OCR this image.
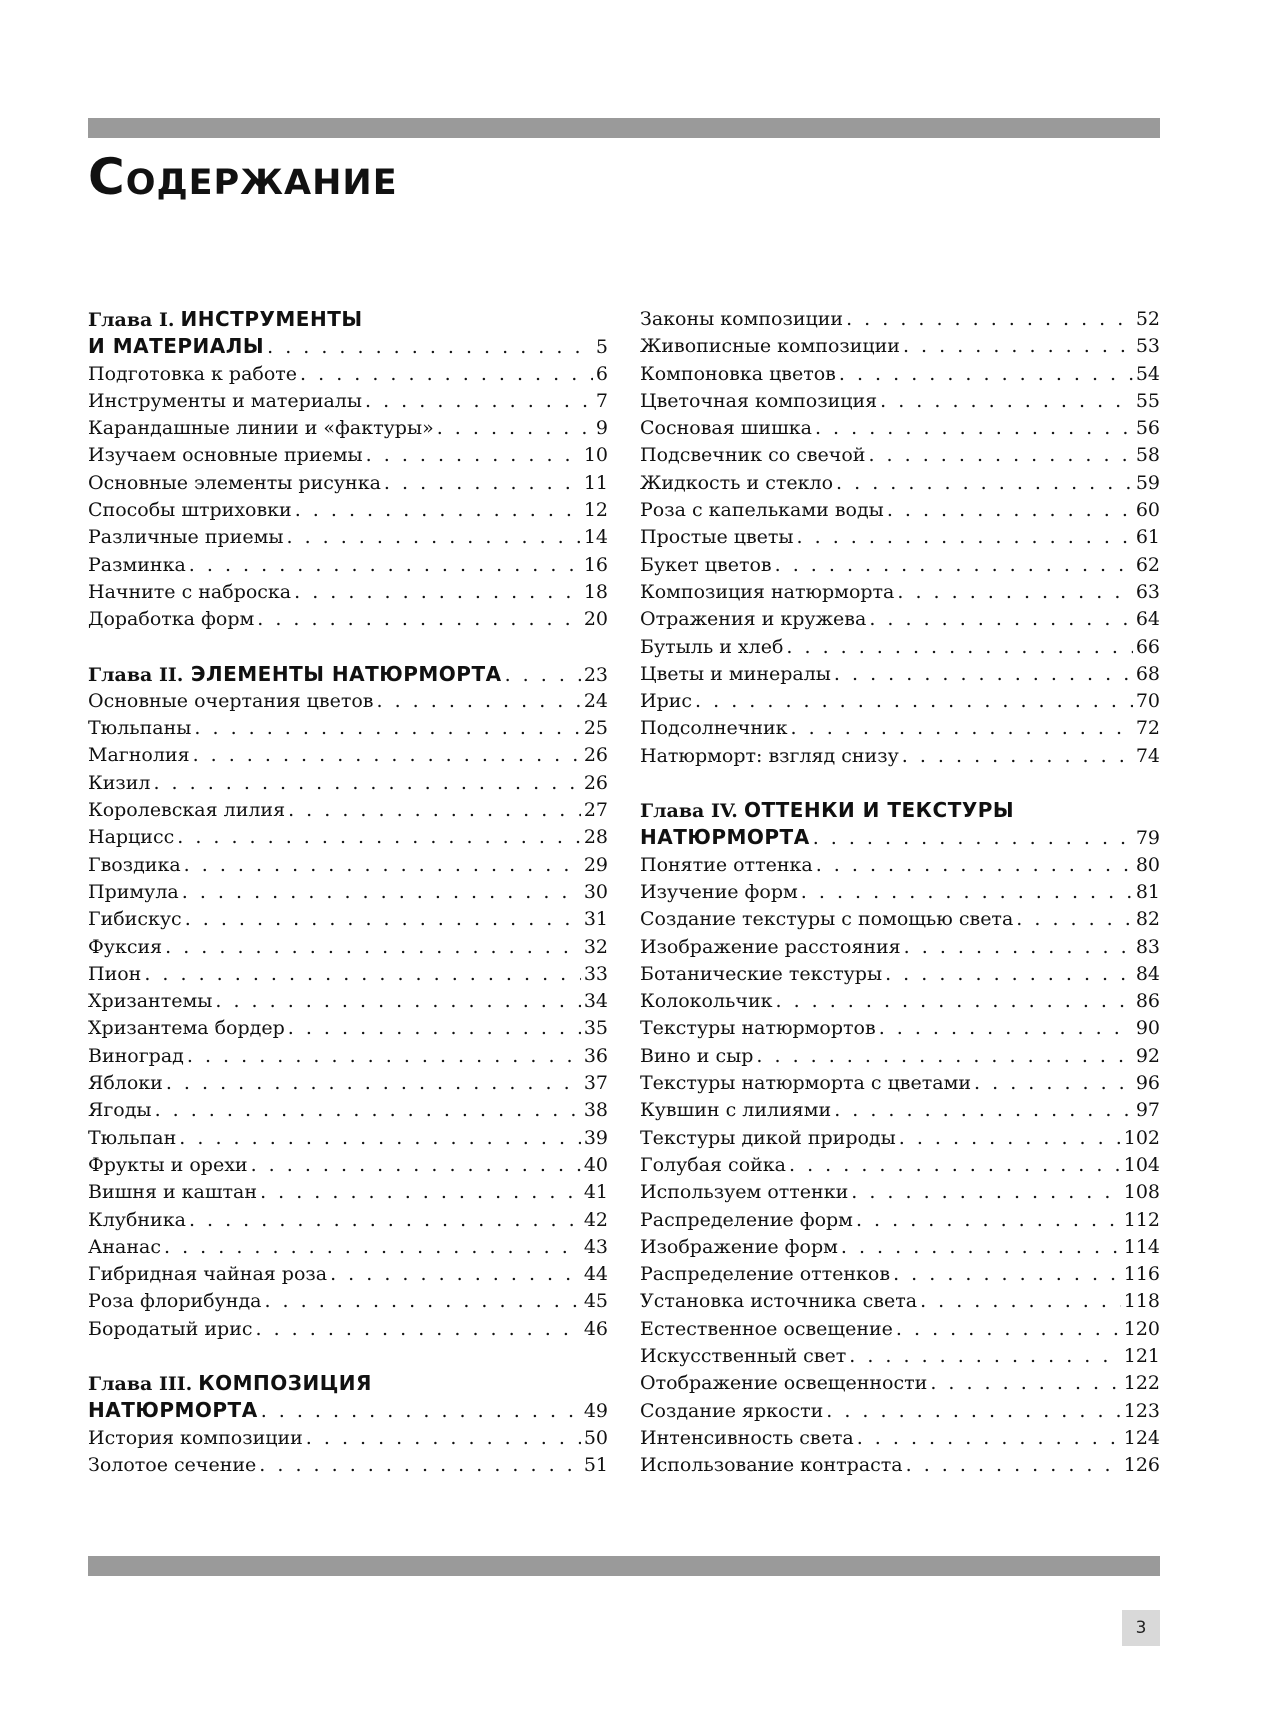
Содержание
Глава I. ИНСТРУМЕНТЫ
И МАТЕРИАЛЫ . . .	5
Подготовка к работе . . .	6
Инструменты и материалы . . .	7
Карандашные линии и «фактуры» . . .	9
Изучаем основные приемы . . .	10
Основные элементы рисунка . . .	11
Способы штриховки . . .	12
Различные приемы . . .	14
Разминка . . .	16
Начните с наброска . . .	18
Доработка форм . . .	20
Глава II. ЭЛЕМЕНТЫ НАТЮРМОРТА . . .	23
Основные очертания цветов . . .	24
Тюльпаны . . .	25
Магнолия . . .	26
Кизил . . .	26
Королевская лилия . . .	27
Нарцисс . . .	28
Гвоздика . . .	29
Примула . . .	30
Гибискус . . .	31
Фуксия . . .	32
Пион . . .	33
Хризантемы . . .	34
Хризантема бордер . . .	35
Виноград . . .	36
Яблоки . . .	37
Ягоды . . .	38
Тюльпан . . .	39
Фрукты и орехи . . .	40
Вишня и каштан . . .	41
Клубника . . .	42
Ананас . . .	43
Гибридная чайная роза . . .	44
Роза флорибунда . . .	45
Бородатый ирис . . .	46
Глава III. КОМПОЗИЦИЯ
НАТЮРМОРТА . . .	49
История композиции . . .	50
Золотое сечение . . .	51
Законы композиции . . .	52
Живописные композиции . . .	53
Компоновка цветов . . .	54
Цветочная композиция . . .	55
Сосновая шишка . . .	56
Подсвечник со свечой . . .	58
Жидкость и стекло . . .	59
Роза с капельками воды . . .	60
Простые цветы . . .	61
Букет цветов . . .	62
Композиция натюрморта . . .	63
Отражения и кружева . . .	64
Бутыль и хлеб . . .	66
Цветы и минералы . . .	68
Ирис . . .	70
Подсолнечник . . .	72
Натюрморт: взгляд снизу . . .	74
Глава IV. ОТТЕНКИ И ТЕКСТУРЫ
НАТЮРМОРТА . . .	79
Понятие оттенка . . .	80
Изучение форм . . .	81
Создание текстуры с помощью света . . .	82
Изображение расстояния . . .	83
Ботанические текстуры . . .	84
Колокольчик . . .	86
Текстуры натюрмортов . . .	90
Вино и сыр . . .	92
Текстуры натюрморта с цветами . . .	96
Кувшин с лилиями . . .	97
Текстуры дикой природы . . .	102
Голубая сойка . . .	104
Используем оттенки . . .	108
Распределение форм . . .	112
Изображение форм . . .	114
Распределение оттенков . . .	116
Установка источника света . . .	118
Естественное освещение . . .	120
Искусственный свет . . .	121
Отображение освещенности . . .	122
Создание яркости . . .	123
Интенсивность света . . .	124
Использование контраста . . .	126
3
